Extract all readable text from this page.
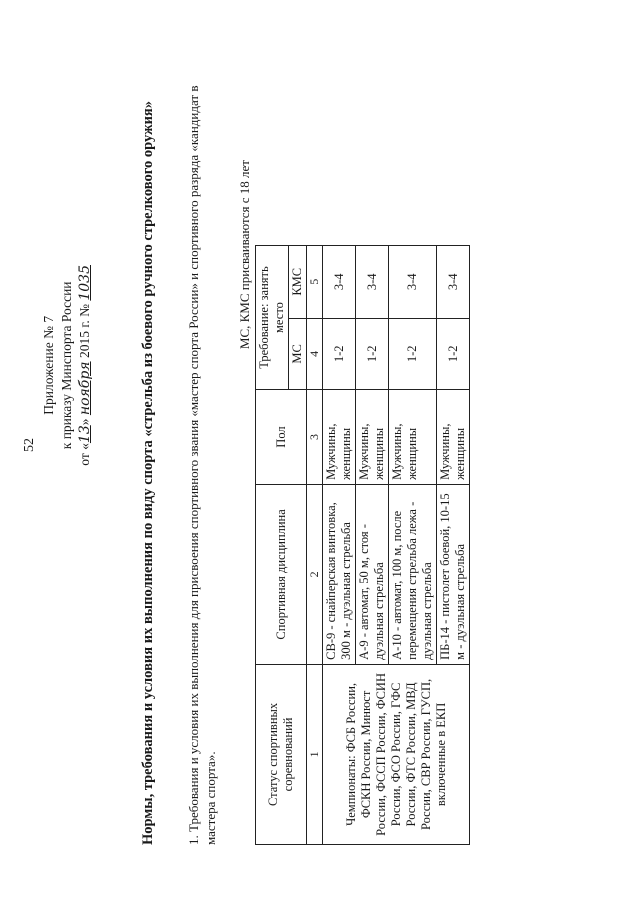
52
Приложение № 7 к приказу Минспорта России
от «13» ноября 2015 г. № 1035	Нормы, требования и условия их выполнения по виду спорта «стрельба из боевого ручного стрелкового оружия» 1. Требования и условия их выполнения для присвоения спортивного звания «мастер спорта России» и спортивного разряда «кандидат в мастера спорта».
МС, КМС присваиваются с 18 лет
Статус спортивных соревнований	Спортивная дисциплина	Пол	Требование: занять место	
			МС	КМС
1	2	3	4	5
Чемпионаты: ФСБ России, ФСКН России, Минюст России, ФССП России, ФСИН России, ФСО России, ГФС России, ФТС России, МВД России, СВР России, ГУСП, включенные в ЕКП	СВ-9 - снайперская винтовка, 300 м - дуэльная стрельба	Мужчины, женщины	1-2	3-4
	А-9 - автомат, 50 м, стоя - дуэльная стрельба	Мужчины, женщины	1-2	3-4
	А-10 - автомат, 100 м, после перемещения стрельба лежа - дуэльная стрельба	Мужчины, женщины	1-2	3-4
	ПБ-14 - пистолет боевой, 10-15 м - дуэльная стрельба	Мужчины, женщины	1-2	3-4
